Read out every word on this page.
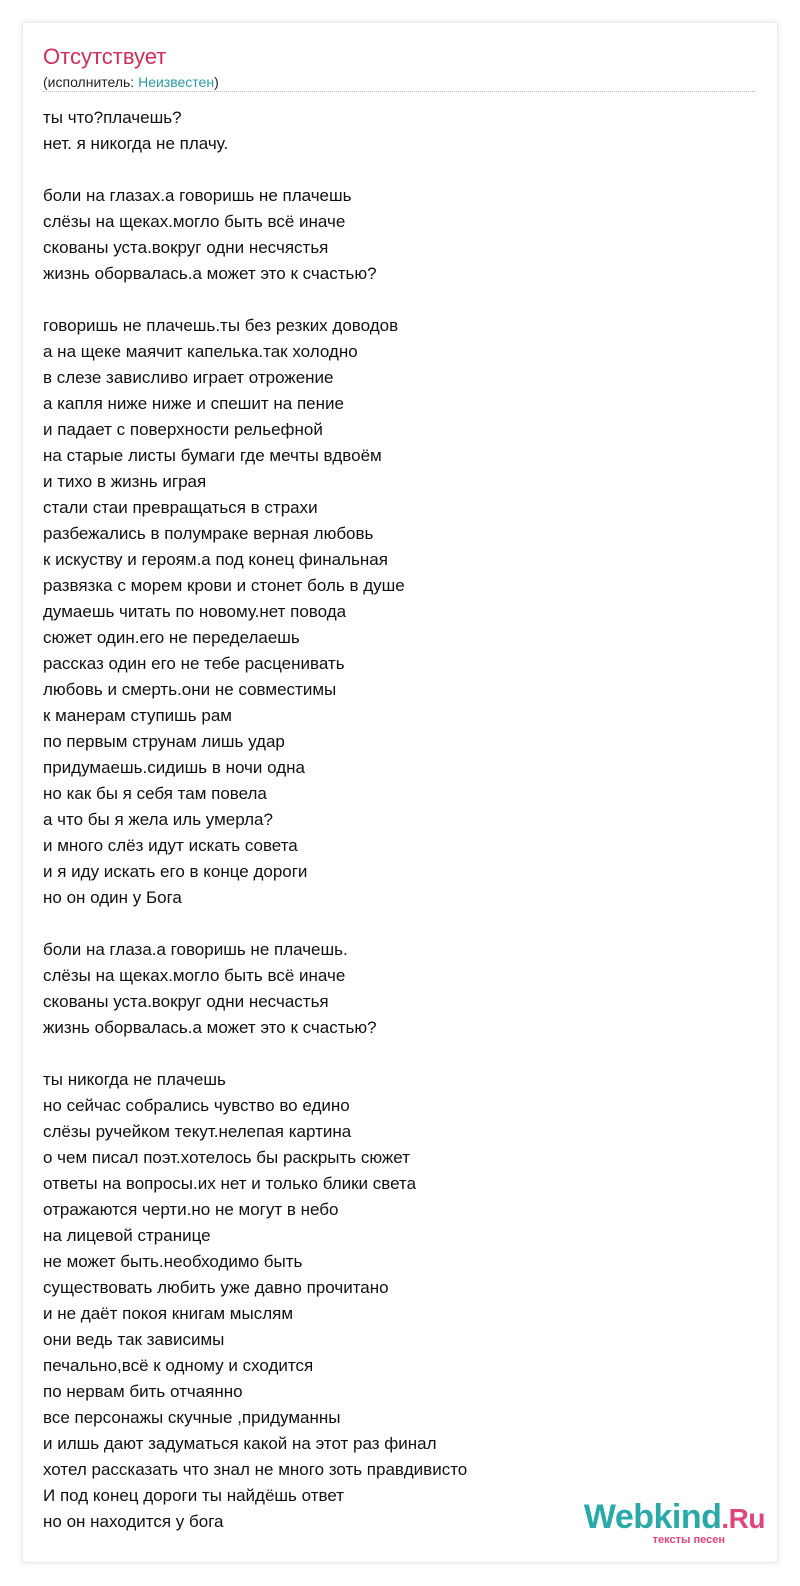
Отсутствует
(исполнитель: Неизвестен)
ты что?плачешь?
нет. я никогда не плачу.
боли на глазах.а говоришь не плачешь
слёзы на щеках.могло быть всё иначе
скованы уста.вокруг одни несчястья
жизнь оборвалась.а может это к счастью?
говоришь не плачешь.ты без резких доводов
а на щеке маячит капелька.так холодно
в слезе зависливо играет отрожение
а капля ниже ниже и спешит на пение
и падает с поверхности рельефной
на старые листы бумаги где мечты вдвоём
и тихо в жизнь играя
стали стаи превращаться в страхи
разбежались в полумраке верная любовь
к искуству и героям.а под конец финальная
развязка с морем крови и стонет боль в душе
думаешь читать по новому.нет повода
сюжет один.его не переделаешь
рассказ один его не тебе расценивать
любовь и смерть.они не совместимы
к манерам ступишь рам
по первым струнам лишь удар
придумаешь.сидишь в ночи одна
но как бы я себя там повела
а что бы я жела иль умерла?
и много слёз идут искать совета
и я иду искать его в конце дороги
но он один у Бога
боли на глаза.а говоришь не плачешь.
слёзы на щеках.могло быть всё иначе
скованы уста.вокруг одни несчастья
жизнь оборвалась.а может это к счастью?
ты никогда не плачешь
но сейчас собрались чувство во едино
слёзы ручейком текут.нелепая картина
о чем писал поэт.хотелось бы раскрыть сюжет
ответы на вопросы.их нет и только блики света
отражаются черти.но не могут в небо
на лицевой странице
не может быть.необходимо быть
существовать любить уже давно прочитано
и не даёт покоя книгам мыслям
они ведь так зависимы
печально,всё к одному и сходится
по нервам бить отчаянно
все персонажы скучные ,придуманны
и илшь дают задуматься какой на этот раз финал
хотел рассказать что знал не много зоть правдивисто
И под конец дороги ты найдёшь ответ
но он находится у бога	Webkind.Ru
тексты песен
